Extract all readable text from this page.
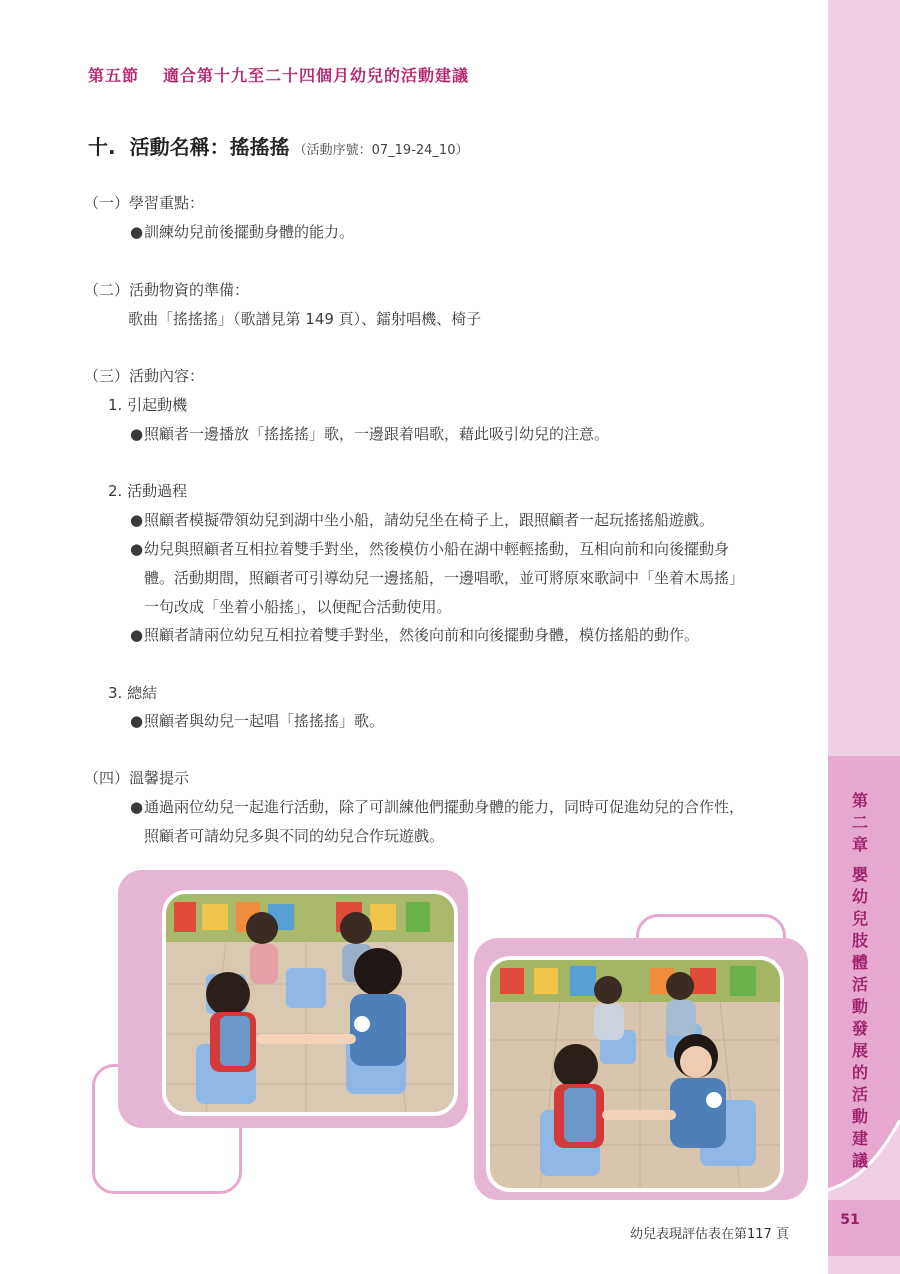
第五節 適合第十九至二十四個月幼兒的活動建議
十. 活動名稱：搖搖搖 （活動序號：07_19-24_10）
（一）學習重點：
●訓練幼兒前後擺動身體的能力。
（二）活動物資的準備：
歌曲「搖搖搖」（歌譜見第 149 頁）、鐳射唱機、椅子
（三）活動內容：
1. 引起動機
●照顧者一邊播放「搖搖搖」歌，一邊跟着唱歌，藉此吸引幼兒的注意。
2. 活動過程
●照顧者模擬帶領幼兒到湖中坐小船，請幼兒坐在椅子上，跟照顧者一起玩搖搖船遊戲。
●幼兒與照顧者互相拉着雙手對坐，然後模仿小船在湖中輕輕搖動，互相向前和向後擺動身
體。活動期間，照顧者可引導幼兒一邊搖船，一邊唱歌，並可將原來歌詞中「坐着木馬搖」
一句改成「坐着小船搖」，以便配合活動使用。
●照顧者請兩位幼兒互相拉着雙手對坐，然後向前和向後擺動身體，模仿搖船的動作。
3. 總結
●照顧者與幼兒一起唱「搖搖搖」歌。
（四）溫馨提示
●通過兩位幼兒一起進行活動，除了可訓練他們擺動身體的能力，同時可促進幼兒的合作性，
照顧者可請幼兒多與不同的幼兒合作玩遊戲。
第
二
章
嬰
幼
兒
肢
體
活
動
發
展
的
活
動
建
議
幼兒表現評估表在第117 頁
51
